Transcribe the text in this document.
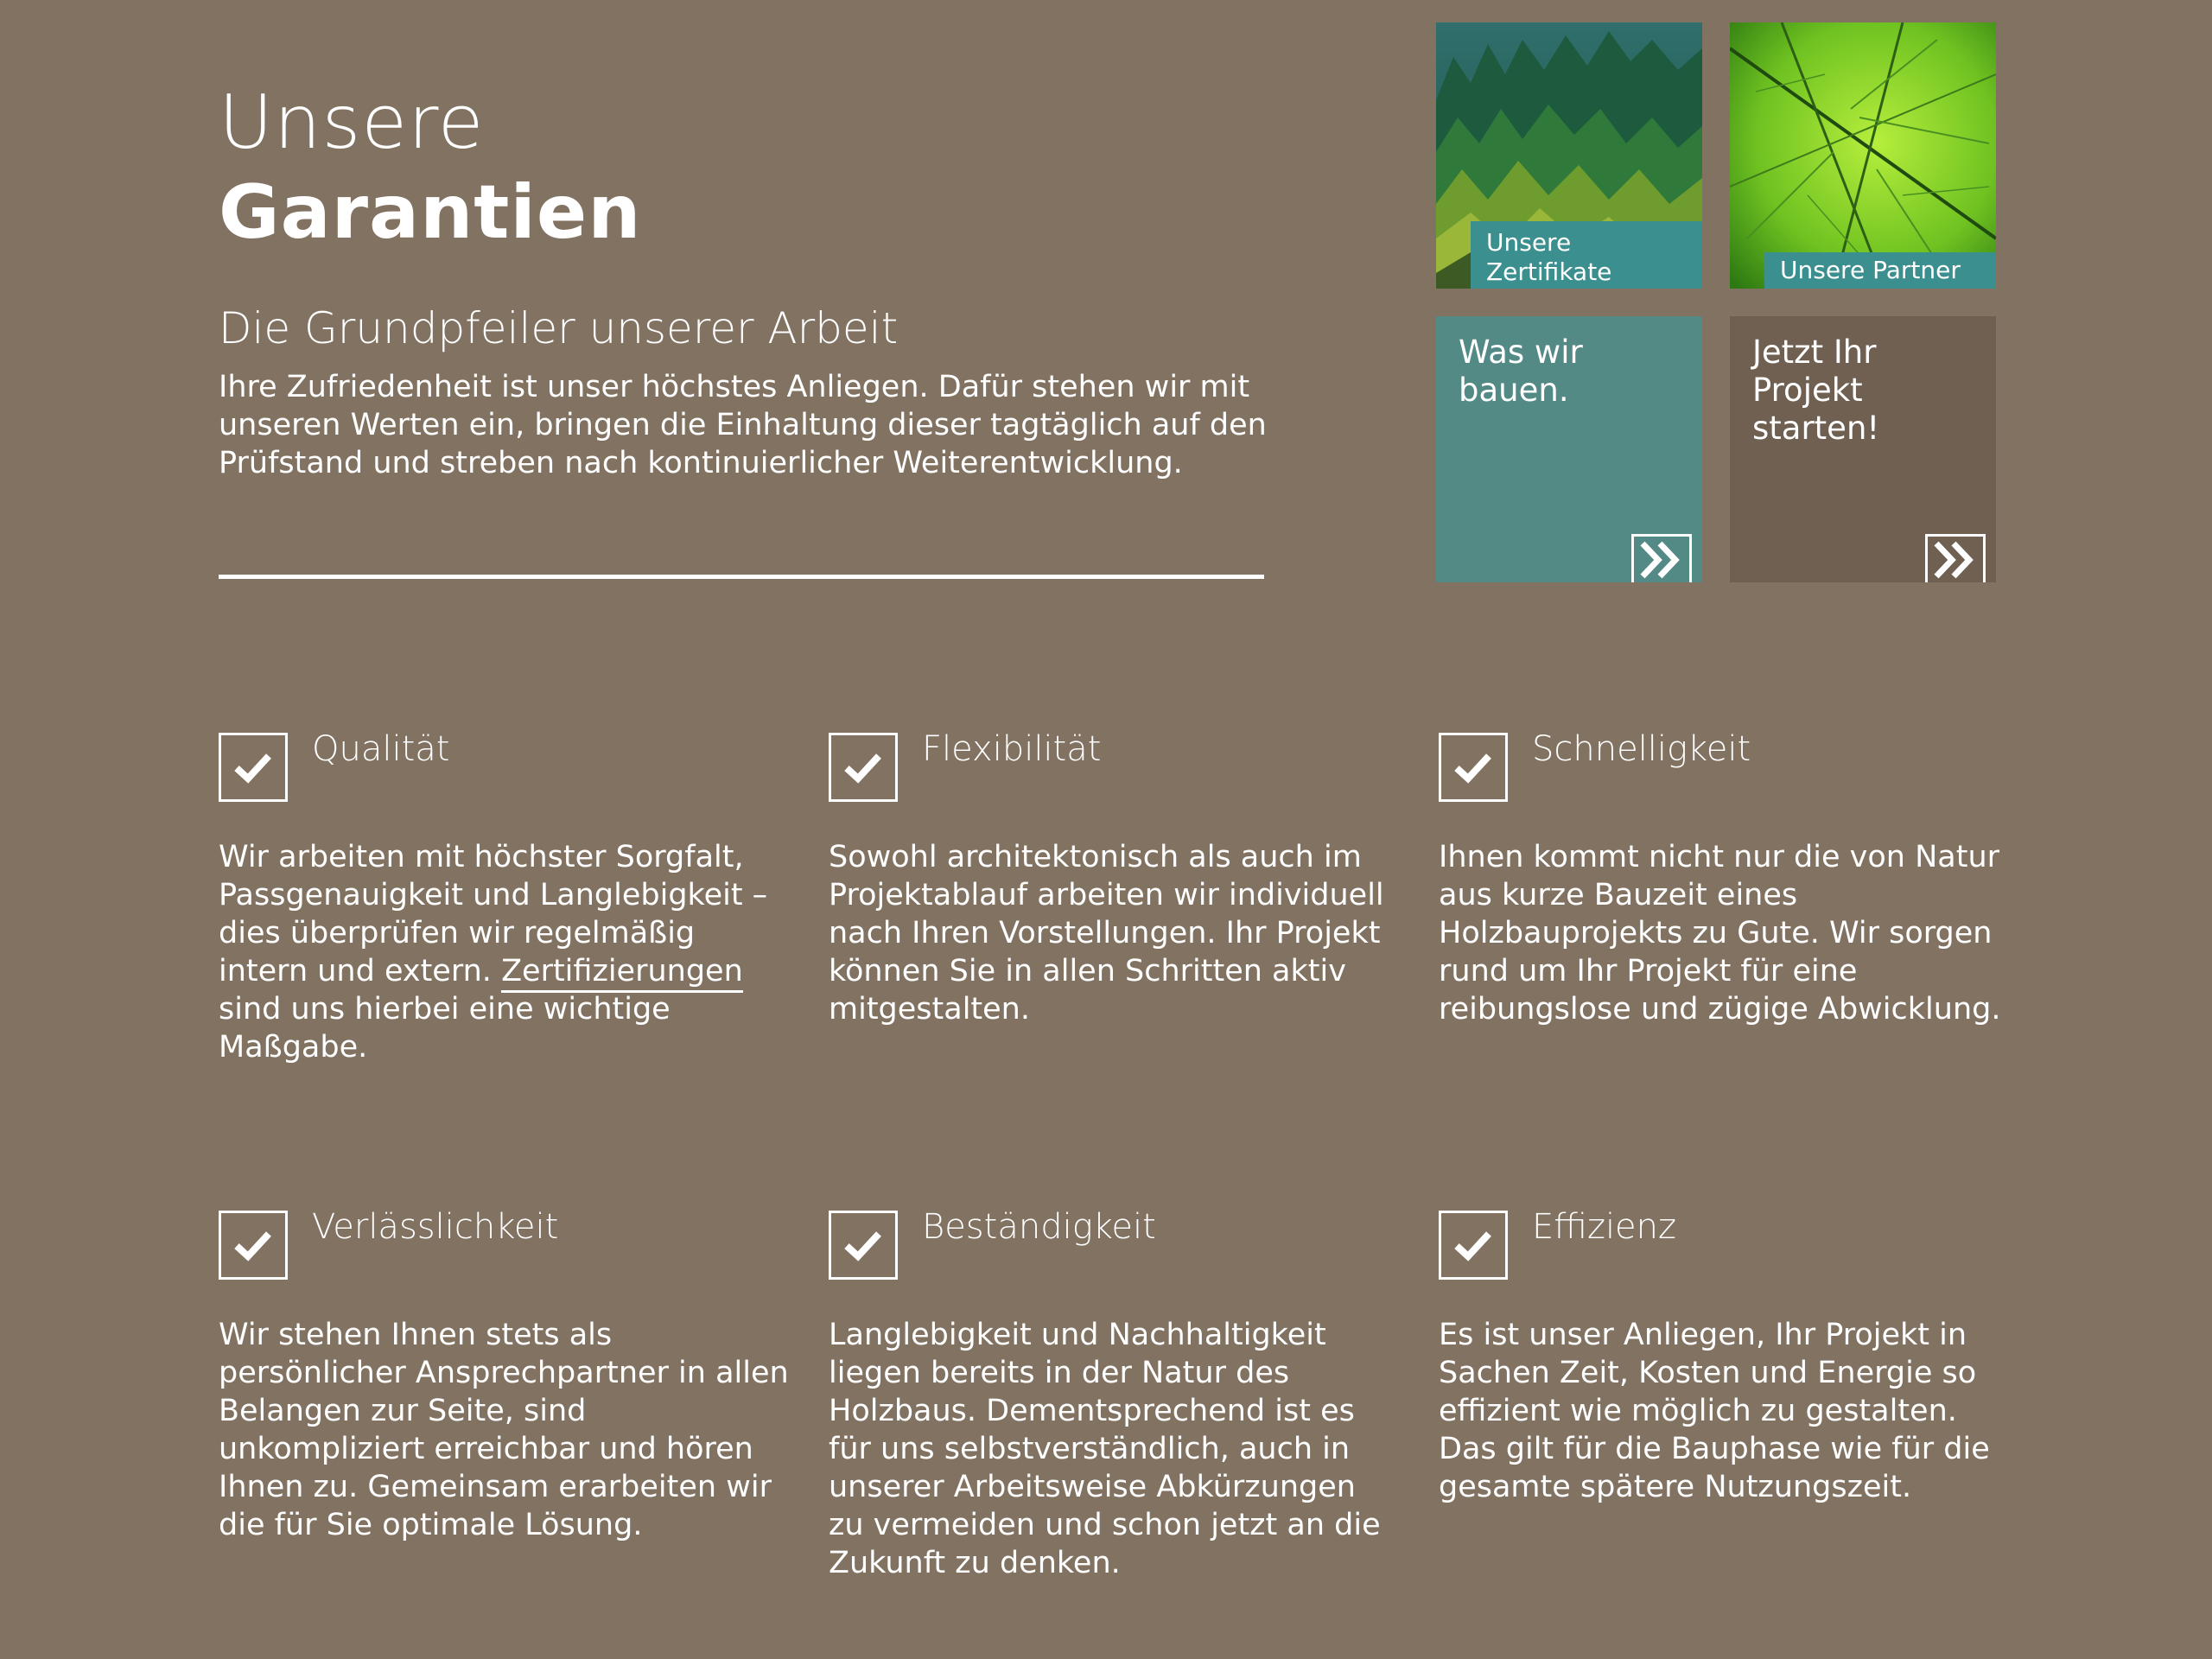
Unsere
Garantien
Die Grundpfeiler unserer Arbeit
Ihre Zufriedenheit ist unser höchstes Anliegen. Dafür stehen wir mit unseren Werten ein, bringen die Einhaltung dieser tagtäglich auf den Prüfstand und streben nach kontinuierlicher Weiterentwicklung.
Unsere Zertifikate	Unsere Partner
Was wir bauen.
Jetzt Ihr Projekt starten!
Qualität
Wir arbeiten mit höchster Sorgfalt, Passgenauigkeit und Langlebigkeit – dies überprüfen wir regelmäßig intern und extern. Zertifizierungen sind uns hierbei eine wichtige Maßgabe.
Flexibilität
Sowohl architektonisch als auch im Projektablauf arbeiten wir individuell nach Ihren Vorstellungen. Ihr Projekt können Sie in allen Schritten aktiv mitgestalten.
Schnelligkeit
Ihnen kommt nicht nur die von Natur aus kurze Bauzeit eines Holzbauprojekts zu Gute. Wir sorgen rund um Ihr Projekt für eine reibungslose und zügige Abwicklung.
Verlässlichkeit
Wir stehen Ihnen stets als persönlicher Ansprechpartner in allen Belangen zur Seite, sind unkompliziert erreichbar und hören Ihnen zu. Gemeinsam erarbeiten wir die für Sie optimale Lösung.
Beständigkeit
Langlebigkeit und Nachhaltigkeit liegen bereits in der Natur des Holzbaus. Dementsprechend ist es für uns selbstverständlich, auch in unserer Arbeitsweise Abkürzungen zu vermeiden und schon jetzt an die Zukunft zu denken.
Effizienz
Es ist unser Anliegen, Ihr Projekt in Sachen Zeit, Kosten und Energie so effizient wie möglich zu gestalten. Das gilt für die Bauphase wie für die gesamte spätere Nutzungszeit.
